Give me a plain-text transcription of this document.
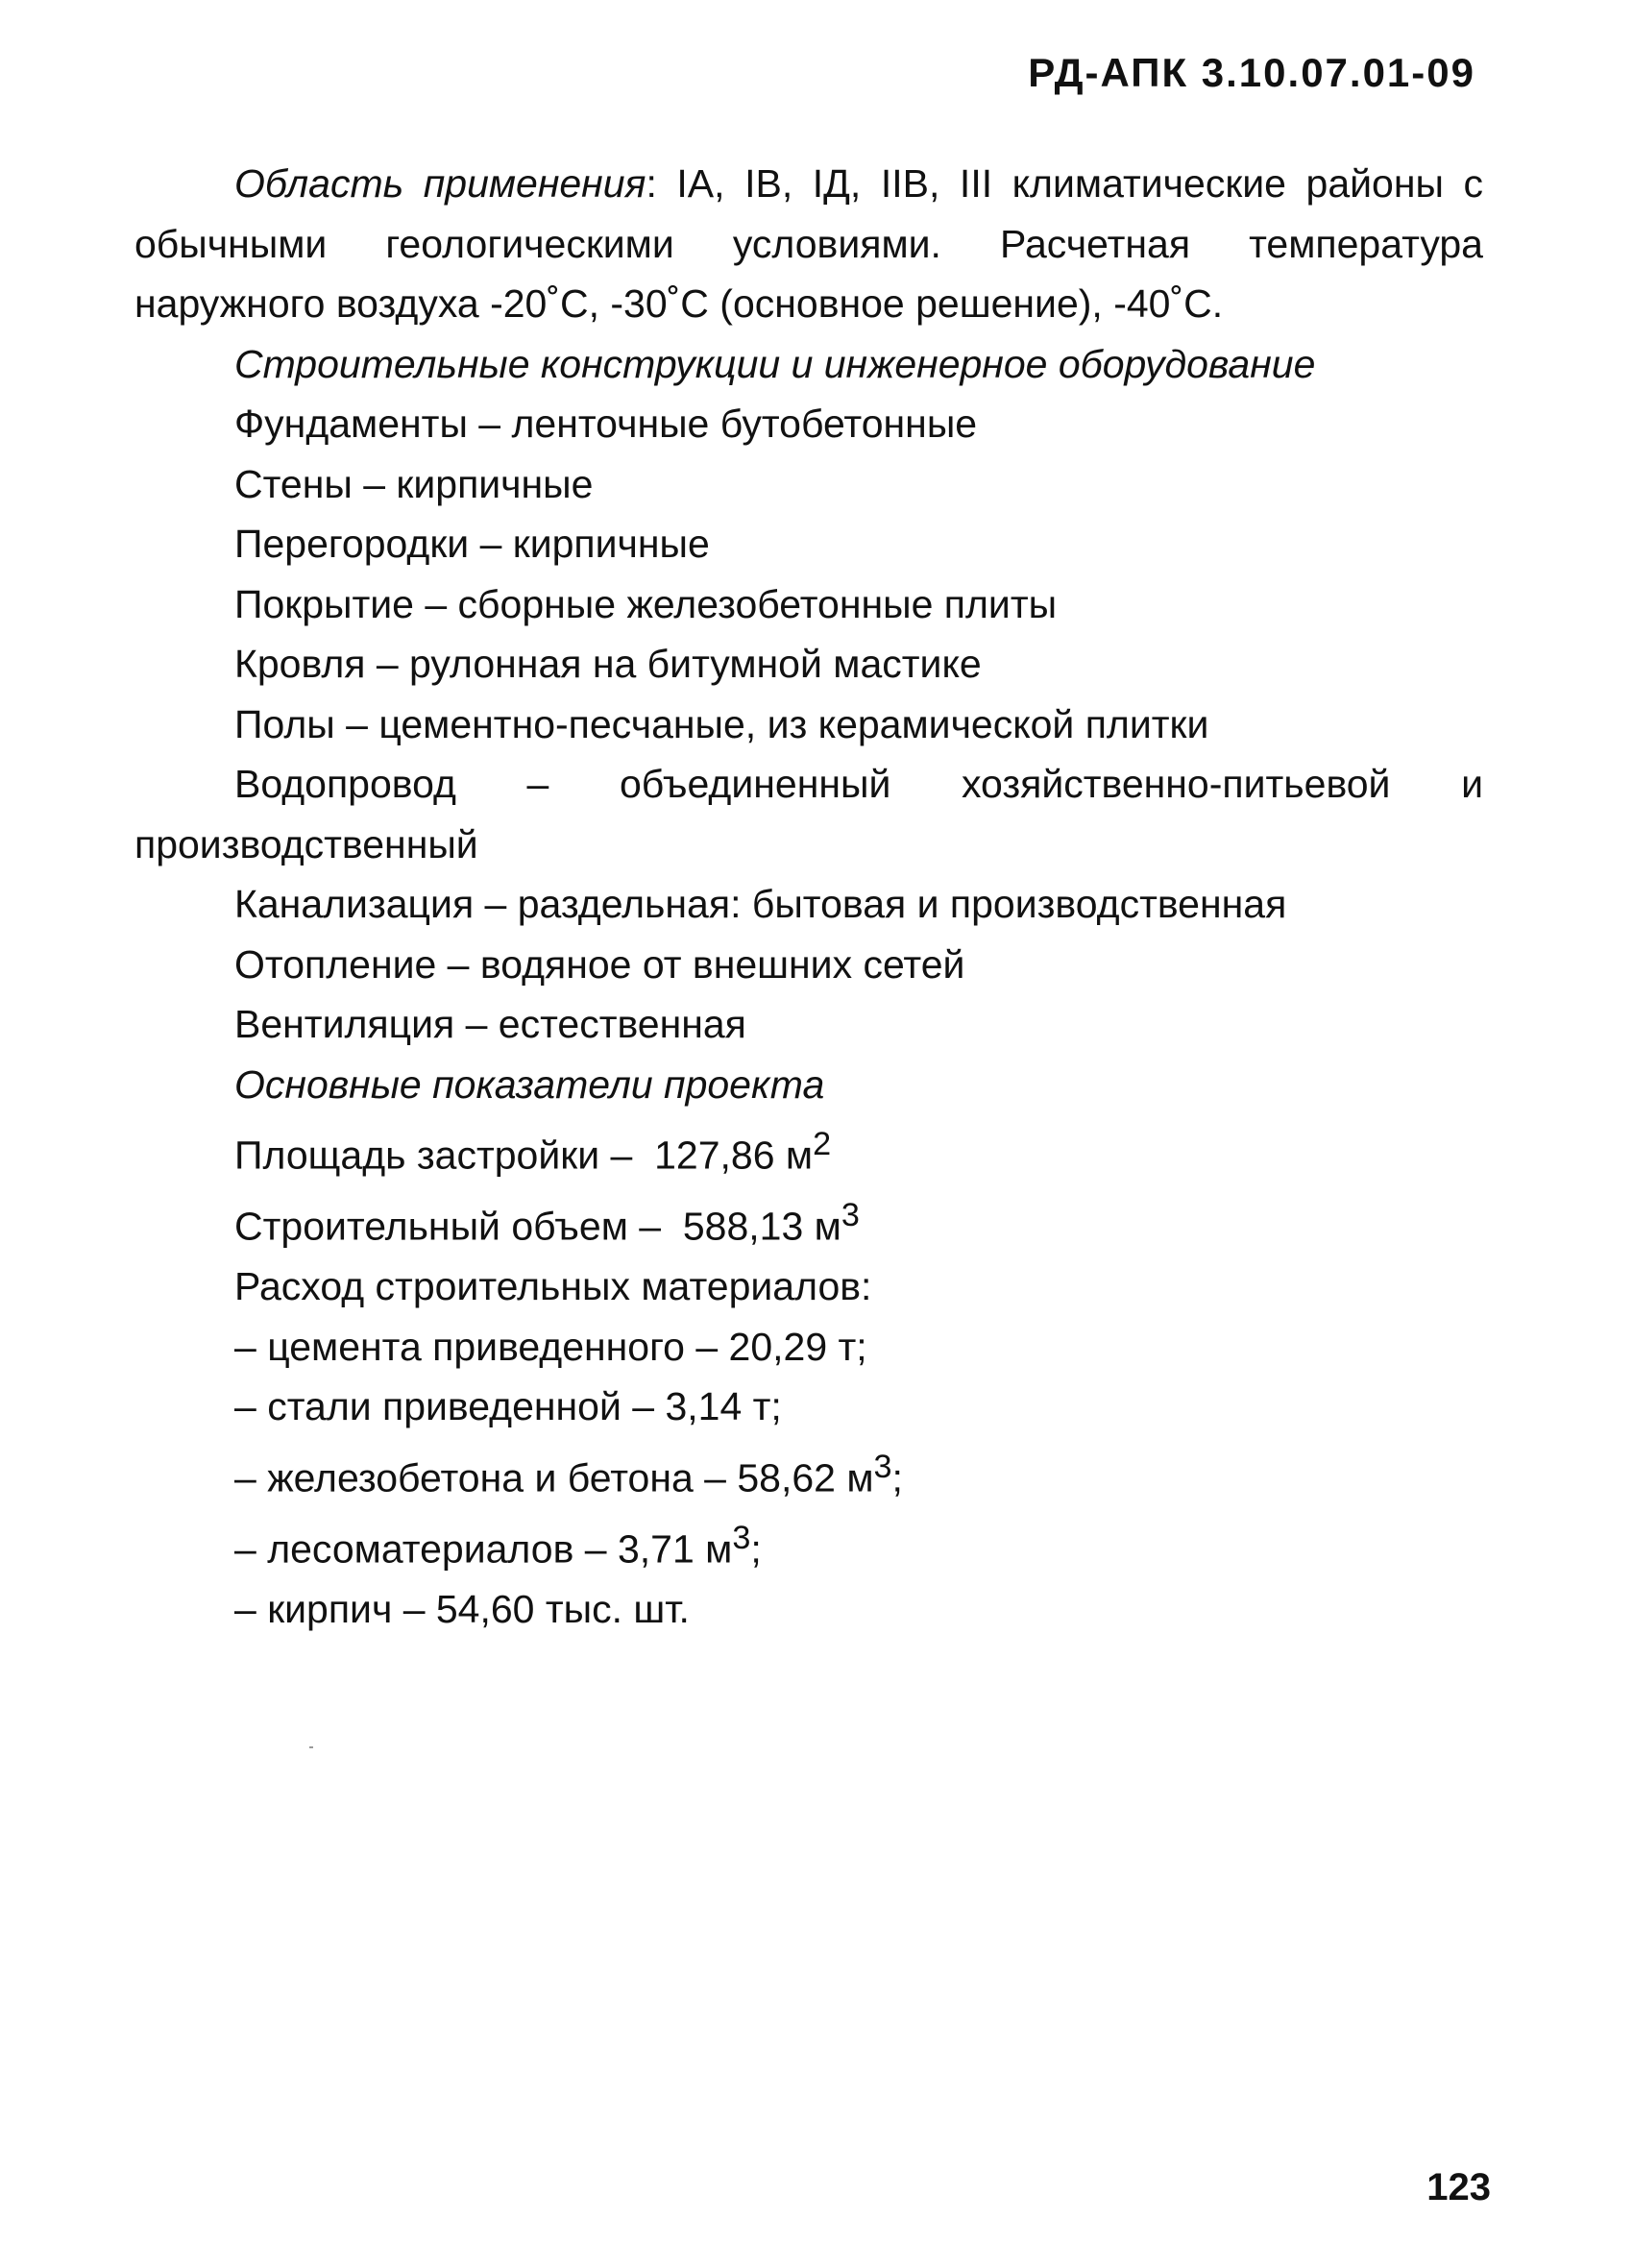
РД-АПК 3.10.07.01-09

Область применения: IA, IB, IД, IIB, III климатические районы с обычными геологическими условиями. Расчетная температура наружного воздуха -20˚С, -30˚С (основное решение), -40˚С.

Строительные конструкции и инженерное оборудование

Фундаменты – ленточные бутобетонные

Стены – кирпичные

Перегородки – кирпичные

Покрытие – сборные железобетонные плиты

Кровля – рулонная на битумной мастике

Полы – цементно-песчаные, из керамической плитки

Водопровод – объединенный хозяйственно-питьевой и производственный

Канализация – раздельная: бытовая и производственная

Отопление – водяное от внешних сетей

Вентиляция – естественная

Основные показатели проекта

Площадь застройки – 127,86 $м^2$

Строительный объем – 588,13 $м^3$

Расход строительных материалов:

– цемента приведенного – 20,29 т;

– стали приведенной – 3,14 т;

– железобетона и бетона – 58,62 $м^3$;

– лесоматериалов – 3,71 $м^3$;

– кирпич – 54,60 тыс. шт.

123
